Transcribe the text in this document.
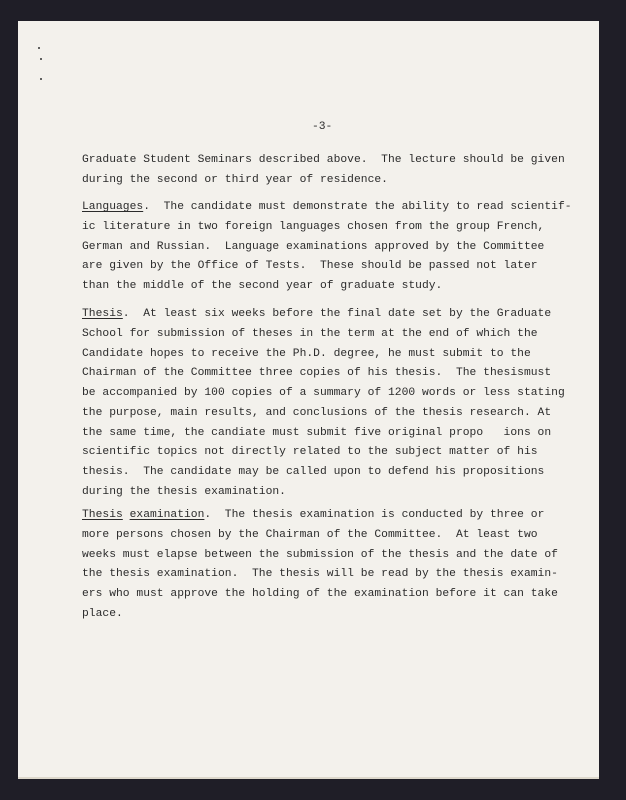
-3-
Graduate Student Seminars described above.  The lecture should be given
during the second or third year of residence.
Languages.  The candidate must demonstrate the ability to read scientif-
ic literature in two foreign languages chosen from the group French,
German and Russian.  Language examinations approved by the Committee
are given by the Office of Tests.  These should be passed not later
than the middle of the second year of graduate study.
Thesis.  At least six weeks before the final date set by the Graduate
School for submission of theses in the term at the end of which the
Candidate hopes to receive the Ph.D. degree, he must submit to the
Chairman of the Committee three copies of his thesis.  The thesismust
be accompanied by 100 copies of a summary of 1200 words or less stating
the purpose, main results, and conclusions of the thesis research. At
the same time, the candiate must submit five original propo   ions on
scientific topics not directly related to the subject matter of his
thesis.  The candidate may be called upon to defend his propositions
during the thesis examination.
Thesis examination.  The thesis examination is conducted by three or
more persons chosen by the Chairman of the Committee.  At least two
weeks must elapse between the submission of the thesis and the date of
the thesis examination.  The thesis will be read by the thesis examin-
ers who must approve the holding of the examination before it can take
place.
